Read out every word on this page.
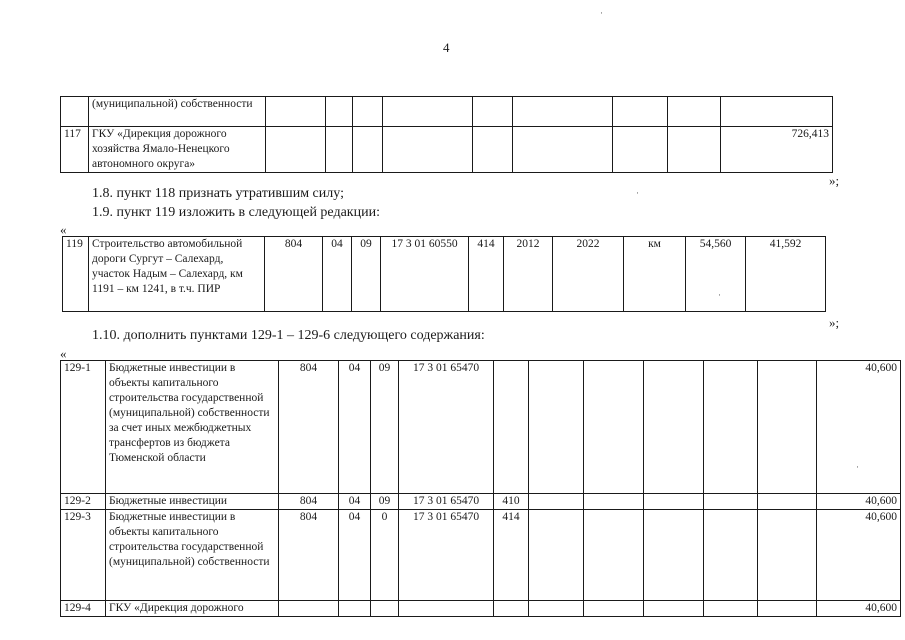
4
	(муниципальной) собственности									
117	ГКУ «Дирекция дорожного хозяйства Ямало-Ненецкого автономного округа»									726,413
»;
1.8. пункт 118 признать утратившим силу;
1.9. пункт 119 изложить в следующей редакции:
«
119	Строительство автомобильной дороги Сургут – Салехард, участок Надым – Салехард, км 1191 – км 1241, в т.ч. ПИР	804	04	09	17 3 01 60550	414	2012	2022	км	54,560	41,592
»;
1.10. дополнить пунктами 129-1 – 129-6 следующего содержания:
«
129-1	Бюджетные инвестиции в объекты капитального строительства государственной (муниципальной) собственности за счет иных межбюджетных трансфертов из бюджета Тюменской области	804	04	09	17 3 01 65470							40,600
129-2	Бюджетные инвестиции	804	04	09	17 3 01 65470	410						40,600
129-3	Бюджетные инвестиции в объекты капитального строительства государственной (муниципальной) собственности	804	04	0	17 3 01 65470	414						40,600
129-4	ГКУ «Дирекция дорожного											40,600
·
·
·
·
